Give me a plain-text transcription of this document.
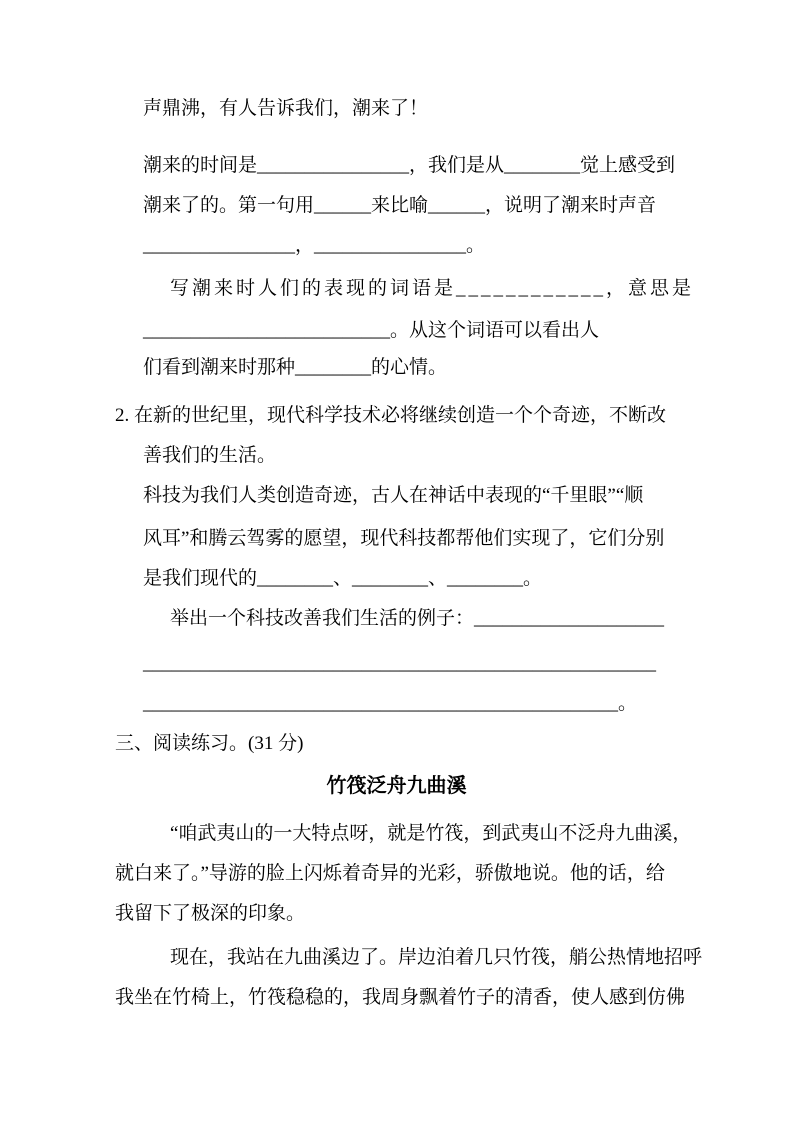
声鼎沸，有人告诉我们，潮来了！
潮来的时间是________________，我们是从________觉上感受到
潮来了的。第一句用______来比喻______，说明了潮来时声音
________________，________________。
写潮来时人们的表现的词语是____________，意思是
__________________________。从这个词语可以看出人
们看到潮来时那种________的心情。
2. 在新的世纪里，现代科学技术必将继续创造一个个奇迹，不断改
善我们的生活。
科技为我们人类创造奇迹，古人在神话中表现的“千里眼”“顺
风耳”和腾云驾雾的愿望，现代科技都帮他们实现了，它们分别
是我们现代的________、________、________。
举出一个科技改善我们生活的例子：____________________
______________________________________________________
__________________________________________________。
三、阅读练习。(31 分)
竹筏泛舟九曲溪
“咱武夷山的一大特点呀，就是竹筏，到武夷山不泛舟九曲溪，
就白来了。”导游的脸上闪烁着奇异的光彩，骄傲地说。他的话，给
我留下了极深的印象。
现在，我站在九曲溪边了。岸边泊着几只竹筏，艄公热情地招呼
我坐在竹椅上，竹筏稳稳的，我周身飘着竹子的清香，使人感到仿佛
